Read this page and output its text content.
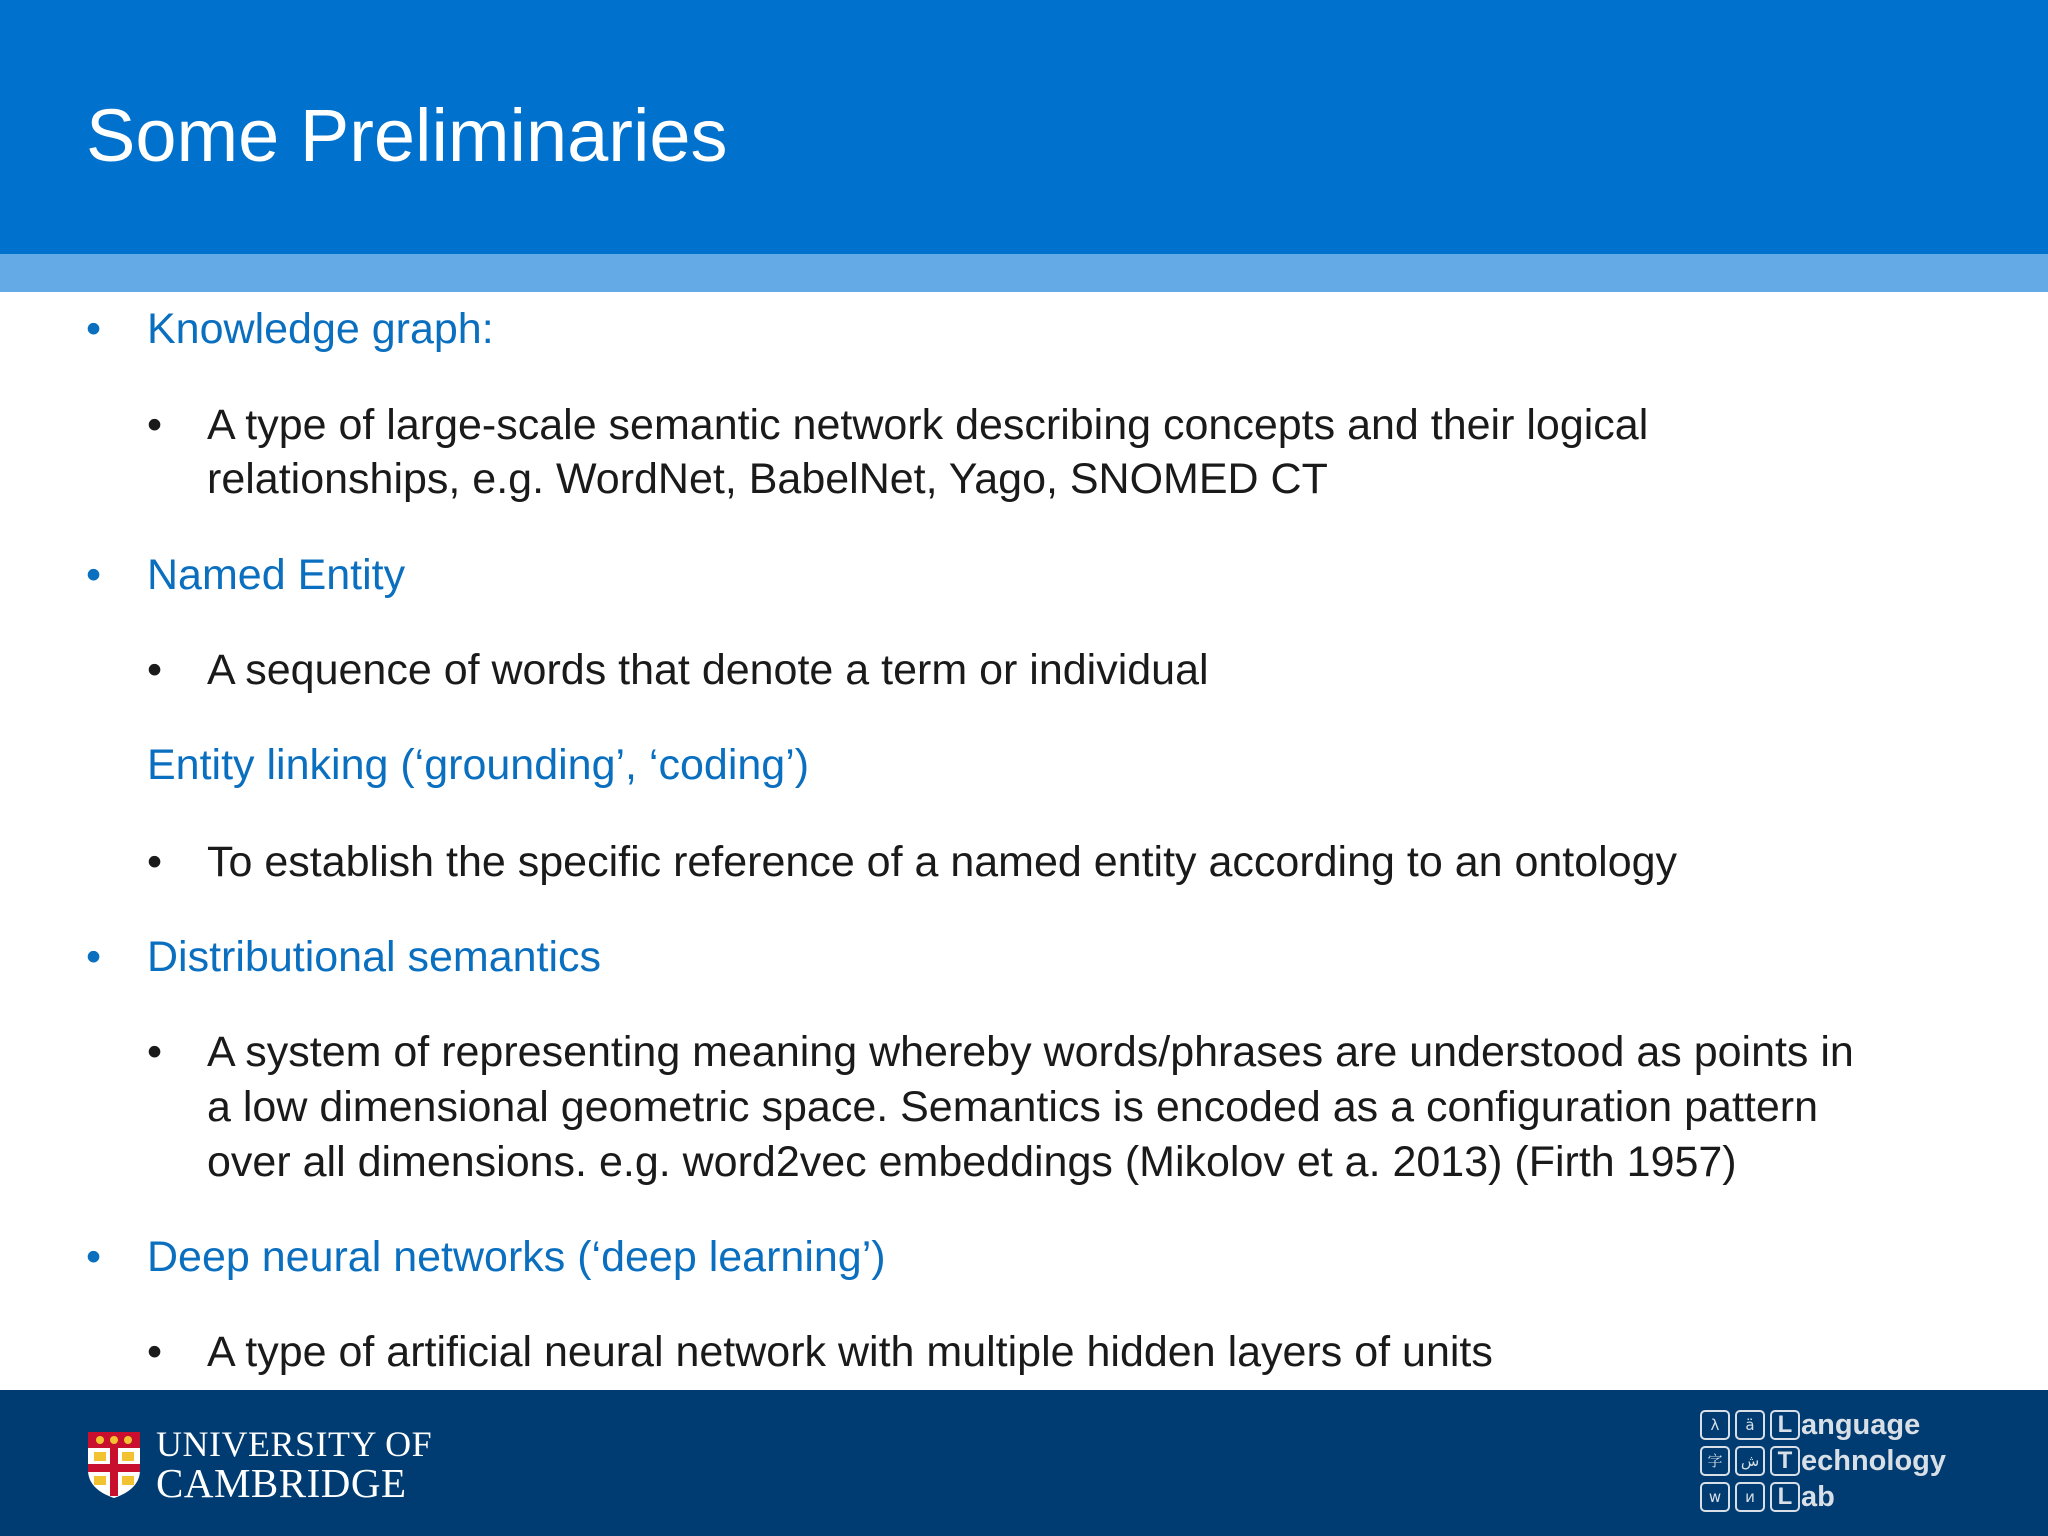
Some Preliminaries
• Knowledge graph:

• A type of large-scale semantic network describing concepts and their logical

relationships, e.g. WordNet, BabelNet, Yago, SNOMED CT

• Named Entity

• A sequence of words that denote a term or individual

Entity linking (‘grounding’, ‘coding’)

• To establish the specific reference of a named entity according to an ontology

• Distributional semantics

• A system of representing meaning whereby words/phrases are understood as points in

a low dimensional geometric space. Semantics is encoded as a configuration pattern

over all dimensions. e.g. word2vec embeddings (Mikolov et a. 2013) (Firth 1957)

• Deep neural networks (‘deep learning’)

• A type of artificial neural network with multiple hidden layers of units

UNIVERSITY OF
CAMBRIDGE
λ ä L anguage
字 ش T echnology
w и L ab
